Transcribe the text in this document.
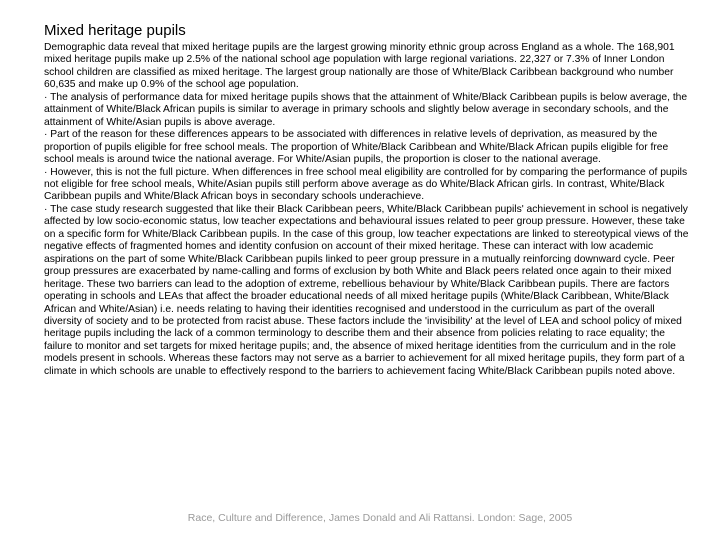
Mixed heritage pupils

Demographic data reveal that mixed heritage pupils are the largest growing minority ethnic group across England as a whole. The 168,901 mixed heritage pupils make up 2.5% of the national school age population with large regional variations. 22,327 or 7.3% of Inner London school children are classified as mixed heritage. The largest group nationally are those of White/Black Caribbean background who number 60,635 and make up 0.9% of the school age population.

· The analysis of performance data for mixed heritage pupils shows that the attainment of White/Black Caribbean pupils is below average, the attainment of White/Black African pupils is similar to average in primary schools and slightly below average in secondary schools, and the attainment of White/Asian pupils is above average.

· Part of the reason for these differences appears to be associated with differences in relative levels of deprivation, as measured by the proportion of pupils eligible for free school meals. The proportion of White/Black Caribbean and White/Black African pupils eligible for free school meals is around twice the national average. For White/Asian pupils, the proportion is closer to the national average.

· However, this is not the full picture. When differences in free school meal eligibility are controlled for by comparing the performance of pupils not eligible for free school meals, White/Asian pupils still perform above average as do White/Black African girls. In contrast, White/Black Caribbean pupils and White/Black African boys in secondary schools underachieve.

· The case study research suggested that like their Black Caribbean peers, White/Black Caribbean pupils' achievement in school is negatively affected by low socio-economic status, low teacher expectations and behavioural issues related to peer group pressure. However, these take on a specific form for White/Black Caribbean pupils. In the case of this group, low teacher expectations are linked to stereotypical views of the negative effects of fragmented homes and identity confusion on account of their mixed heritage. These can interact with low academic aspirations on the part of some White/Black Caribbean pupils linked to peer group pressure in a mutually reinforcing downward cycle. Peer group pressures are exacerbated by name-calling and forms of exclusion by both White and Black peers related once again to their mixed heritage. These two barriers can lead to the adoption of extreme, rebellious behaviour by White/Black Caribbean pupils. There are factors operating in schools and LEAs that affect the broader educational needs of all mixed heritage pupils (White/Black Caribbean, White/Black African and White/Asian) i.e. needs relating to having their identities recognised and understood in the curriculum as part of the overall diversity of society and to be protected from racist abuse. These factors include the 'invisibility' at the level of LEA and school policy of mixed heritage pupils including the lack of a common terminology to describe them and their absence from policies relating to race equality; the failure to monitor and set targets for mixed heritage pupils; and, the absence of mixed heritage identities from the curriculum and in the role models present in schools. Whereas these factors may not serve as a barrier to achievement for all mixed heritage pupils, they form part of a climate in which schools are unable to effectively respond to the barriers to achievement facing White/Black Caribbean pupils noted above.

Race, Culture and Difference, James Donald and Ali Rattansi. London: Sage, 2005
